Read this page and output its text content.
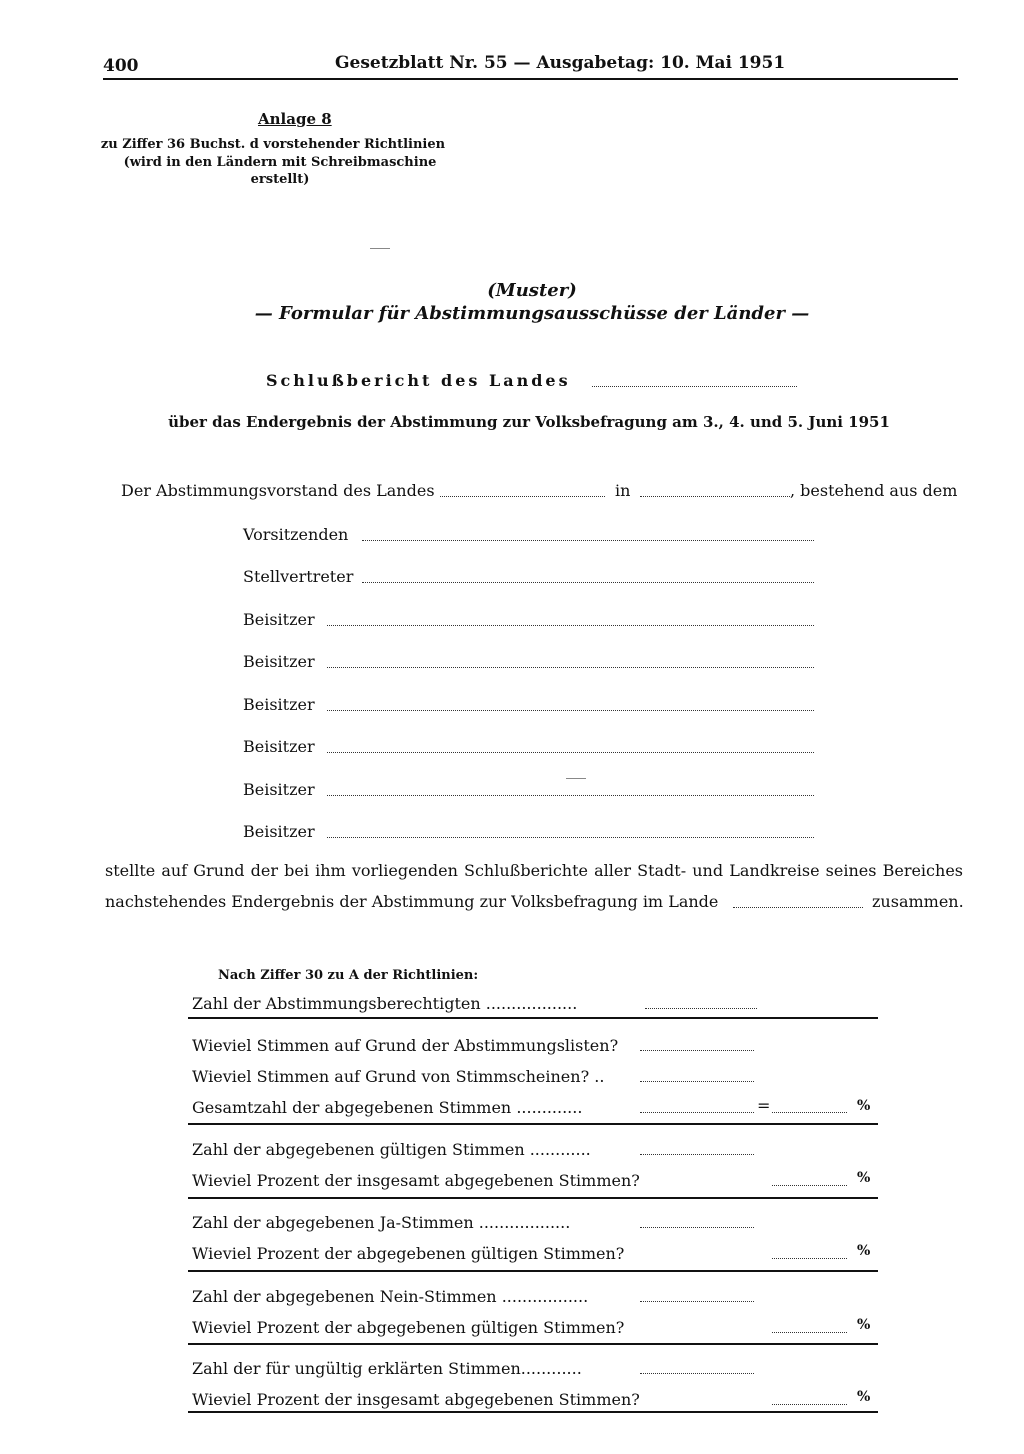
400	Gesetzblatt Nr. 55 — Ausgabetag: 10. Mai 1951
Anlage 8
zu Ziffer 36 Buchst. d vorstehender Richtlinien
(wird in den Ländern mit Schreibmaschine
erstellt)
(Muster)
— Formular für Abstimmungsausschüsse der Länder —
Schlußbericht des Landes
über das Endergebnis der Abstimmung zur Volksbefragung am 3., 4. und 5. Juni 1951
Der Abstimmungsvorstand des Landes	in	, bestehend aus dem
Vorsitzenden
Stellvertreter
Beisitzer
Beisitzer
Beisitzer
Beisitzer
Beisitzer
Beisitzer
stellte auf Grund der bei ihm vorliegenden Schlußberichte aller Stadt- und Landkreise seines Bereiches
nachstehendes Endergebnis der Abstimmung zur Volksbefragung im Lande	zusammen.
Nach Ziffer 30 zu A der Richtlinien:
Zahl der Abstimmungsberechtigten ..................
Wieviel Stimmen auf Grund der Abstimmungslisten?
Wieviel Stimmen auf Grund von Stimmscheinen? ..
Gesamtzahl der abgegebenen Stimmen .............	=	%
Zahl der abgegebenen gültigen Stimmen ............
Wieviel Prozent der insgesamt abgegebenen Stimmen?	%
Zahl der abgegebenen Ja-Stimmen ..................
Wieviel Prozent der abgegebenen gültigen Stimmen?	%
Zahl der abgegebenen Nein-Stimmen .................
Wieviel Prozent der abgegebenen gültigen Stimmen?	%
Zahl der für ungültig erklärten Stimmen............
Wieviel Prozent der insgesamt abgegebenen Stimmen?	%
